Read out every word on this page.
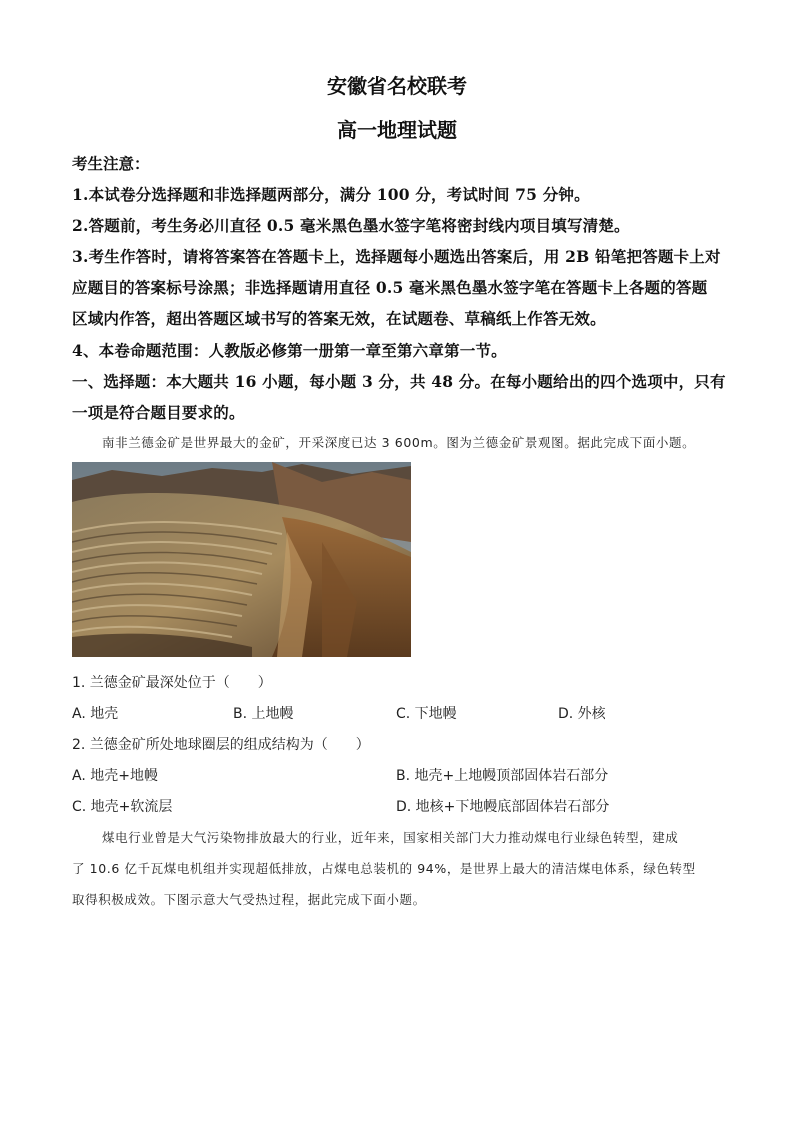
安徽省名校联考
高一地理试题
考生注意：
1.本试卷分选择题和非选择题两部分，满分 100 分，考试时间 75 分钟。
2.答题前，考生务必川直径 0.5 毫米黑色墨水签字笔将密封线内项目填写清楚。
3.考生作答时，请将答案答在答题卡上，选择题每小题选出答案后，用 2B 铅笔把答题卡上对
应题目的答案标号涂黑；非选择题请用直径 0.5 毫米黑色墨水签字笔在答题卡上各题的答题
区域内作答，超出答题区域书写的答案无效，在试题卷、草稿纸上作答无效。
4、本卷命题范围：人教版必修第一册第一章至第六章第一节。
一、选择题：本大题共 16 小题，每小题 3 分，共 48 分。在每小题给出的四个选项中，只有
一项是符合题目要求的。
南非兰德金矿是世界最大的金矿，开采深度已达 3 600m。图为兰德金矿景观图。据此完成下面小题。
1. 兰德金矿最深处位于（　　）
A. 地壳	B. 上地幔	C. 下地幔	D. 外核
2. 兰德金矿所处地球圈层的组成结构为（　　）
A. 地壳+地幔	B. 地壳+上地幔顶部固体岩石部分
C. 地壳+软流层	D. 地核+下地幔底部固体岩石部分
煤电行业曾是大气污染物排放最大的行业，近年来，国家相关部门大力推动煤电行业绿色转型，建成
了 10.6 亿千瓦煤电机组并实现超低排放，占煤电总装机的 94%，是世界上最大的清洁煤电体系，绿色转型
取得积极成效。下图示意大气受热过程，据此完成下面小题。
